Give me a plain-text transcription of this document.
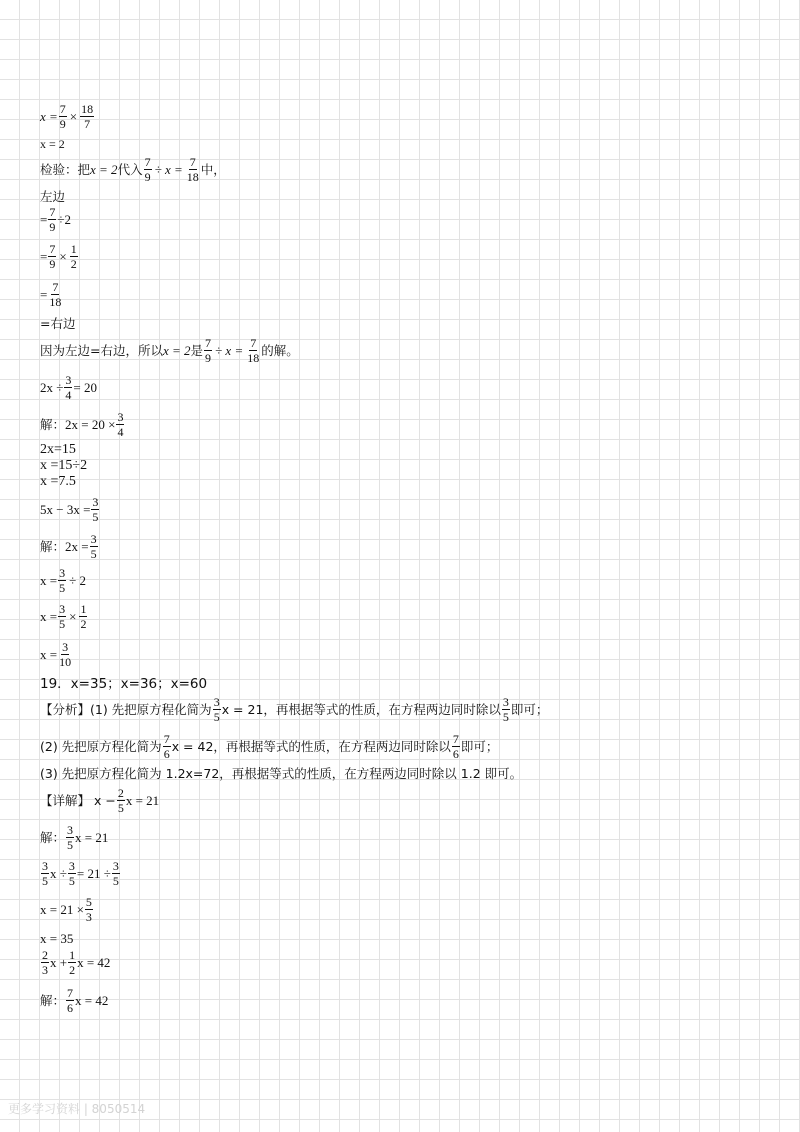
$x = \frac{7}{9} \times \frac{18}{7}$
x = 2
检验：把 x = 2 代入 $\frac{7}{9} \div x = \frac{7}{18}$ 中，
左边
= $\frac{7}{9} \div 2$
= $\frac{7}{9} \times \frac{1}{2}$
= $\frac{7}{18}$
=右边
因为左边=右边，所以 x = 2 是 $\frac{7}{9} \div x = \frac{7}{18}$ 的解。
$2x \div \frac{3}{4} = 20$
解： $2x = 20 \times \frac{3}{4}$
2x=15
x =15÷2
x =7.5
$5x - 3x = \frac{3}{5}$
解： $2x = \frac{3}{5}$
$x = \frac{3}{5} \div 2$
$x = \frac{3}{5} \times \frac{1}{2}$
$x = \frac{3}{10}$
19．x=35；x=36；x=60
【分析】(1) 先把原方程化简为 $\frac{3}{5}$ x = 21，再根据等式的性质，在方程两边同时除以 $\frac{3}{5}$ 即可；
(2) 先把原方程化简为 $\frac{7}{6}$ x = 42，再根据等式的性质，在方程两边同时除以 $\frac{7}{6}$ 即可；
(3) 先把原方程化简为 1.2x=72，再根据等式的性质，在方程两边同时除以 1.2 即可。
【详解】 $x - \frac{2}{5}$ x = 21
解： $\frac{3}{5}$ x = 21
$\frac{3}{5}$ $x \div \frac{3}{5} = 21 \div \frac{3}{5}$
$x = 21 \times \frac{5}{3}$
x = 35
$\frac{2}{3}$ $x + \frac{1}{2}$ x = 42
解： $\frac{7}{6}$ x = 42
更多学习资料 | 8050514
